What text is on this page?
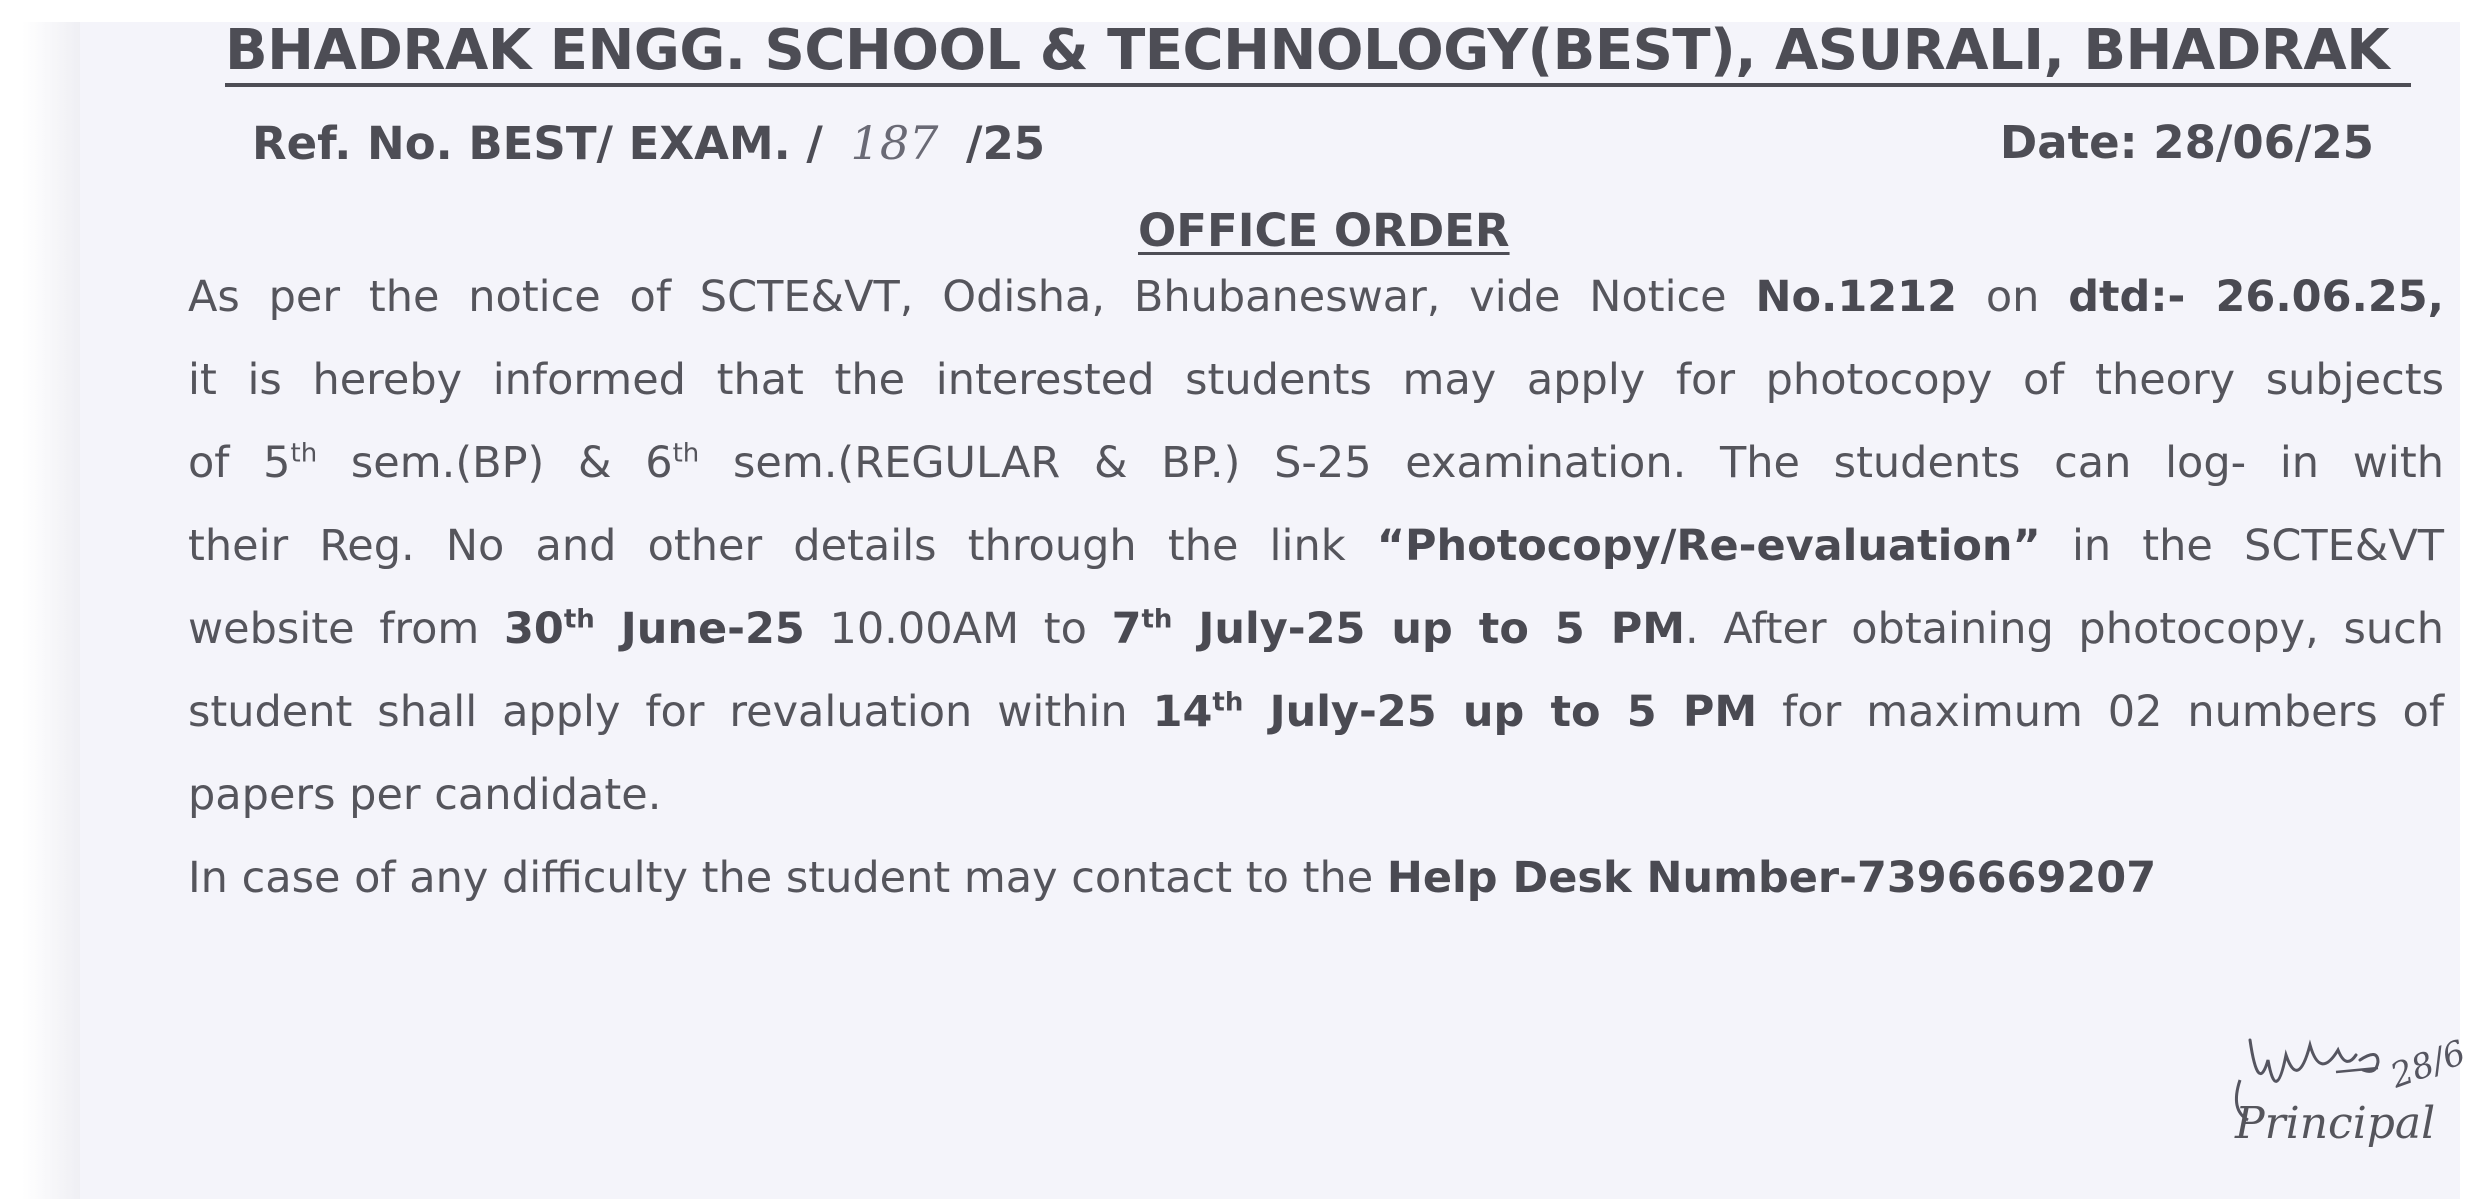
BHADRAK ENGG. SCHOOL & TECHNOLOGY(BEST), ASURALI, BHADRAK
Ref. No. BEST/ EXAM. / 187 /25	Date: 28/06/25
OFFICE ORDER
As per the notice of SCTE&VT, Odisha, Bhubaneswar, vide Notice No.1212 on dtd:- 26.06.25,
it is hereby informed that the interested students may apply for photocopy of theory subjects
of 5th sem.(BP) & 6th sem.(REGULAR & BP.) S-25 examination. The students can log- in with
their Reg. No and other details through the link “Photocopy/Re-evaluation” in the SCTE&VT
website from 30th June-25 10.00AM to 7th July-25 up to 5 PM. After obtaining photocopy, such
student shall apply for revaluation within 14th July-25 up to 5 PM for maximum 02 numbers of
papers per candidate.
In case of any difficulty the student may contact to the Help Desk Number-7396669207
28/6
Principal
